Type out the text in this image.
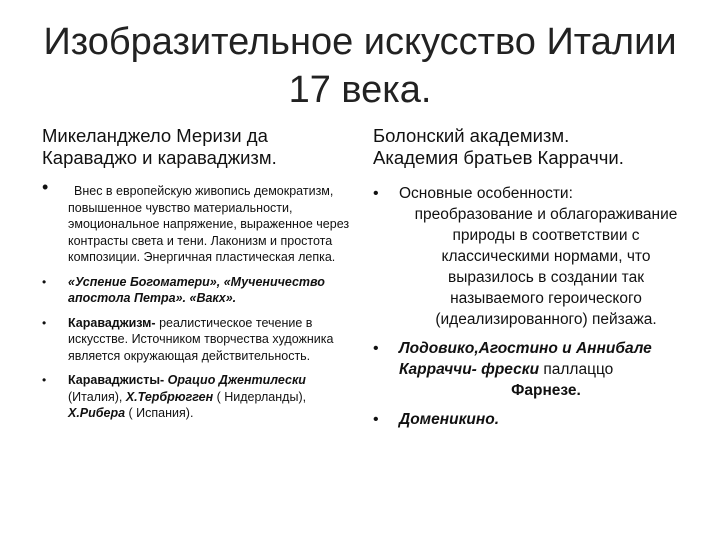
Изобразительное искусство Италии
17 века.
Микеланджело Меризи да
Караваджо и караваджизм.
• Внес в европейскую живопись демократизм, повышенное чувство материальности, эмоциональное напряжение, выраженное через контрасты света и тени. Лаконизм и простота композиции. Энергичная пластическая лепка.
• «Успение Богоматери», «Мученичество апостола Петра». «Вакх».
• Караваджизм- реалистическое течение в искусстве. Источником творчества художника является окружающая действительность.
• Караваджисты- Орацио Джентилески (Италия), Х.Тербрюгген ( Нидерланды), Х.Рибера ( Испания).
Болонский академизм.
Академия братьев Карраччи.
• Основные особенности:
преобразование и облагораживание природы в соответствии с классическими нормами, что выразилось в создании так называемого героического (идеализированного) пейзажа.
• Лодовико,Агостино и Аннибале Карраччи- фрески паллаццо
Фарнезе.
• Доменикино.
